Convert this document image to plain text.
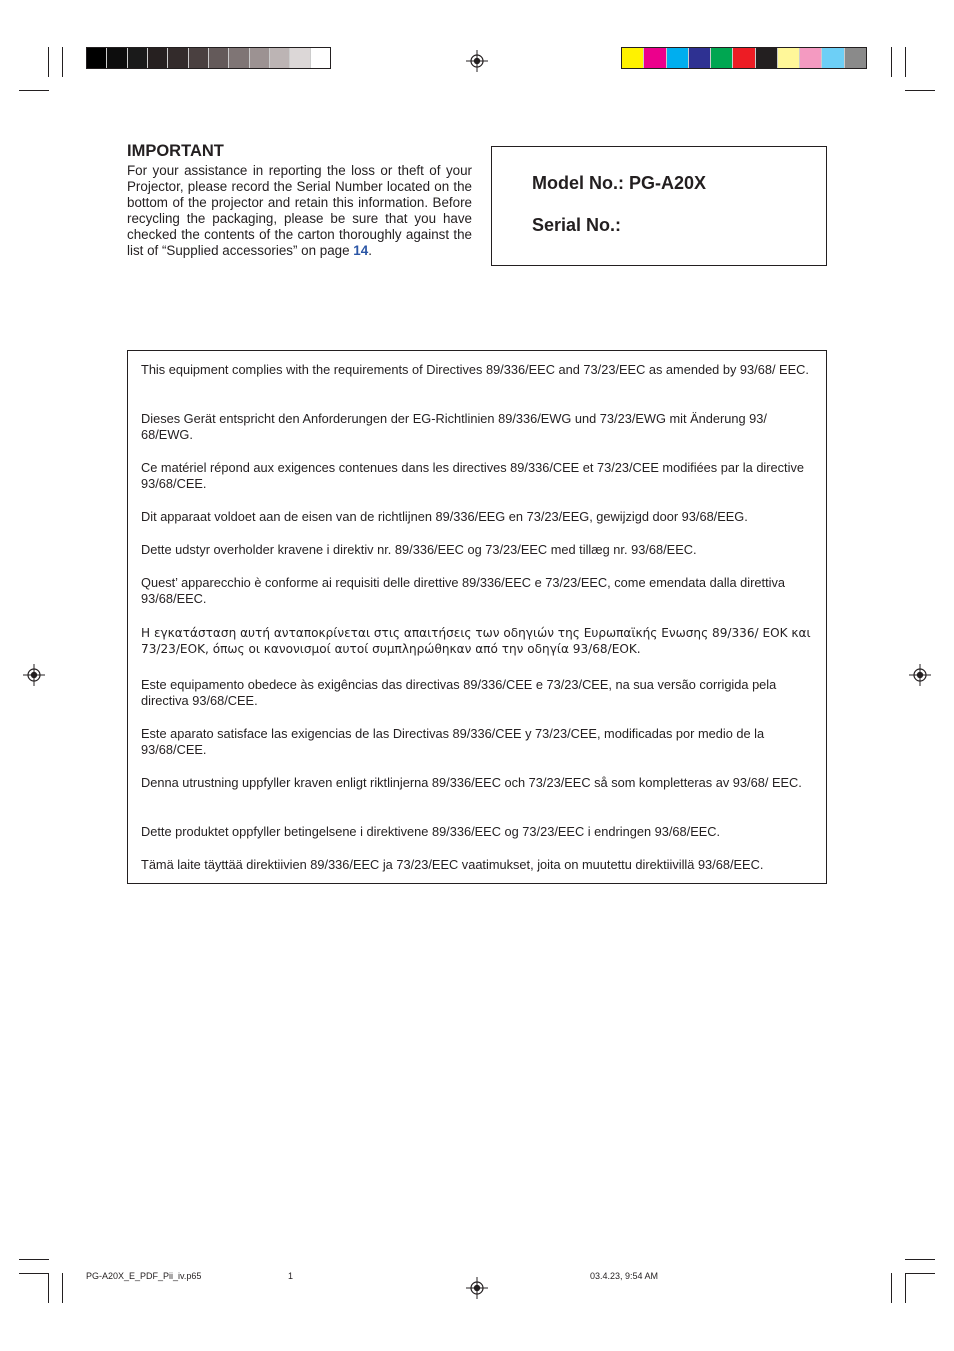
IMPORTANT
For your assistance in reporting the loss or theft of your Projector, please record the Serial Number located on the bottom of the projector and retain this information. Before recycling the packaging, please be sure that you have checked the contents of the carton thoroughly against the list of “Supplied accessories” on page 14.
Model No.: PG-A20X
Serial No.:

This equipment complies with the requirements of Directives 89/336/EEC and 73/23/EEC as amended by 93/68/ EEC.

Dieses Gerät entspricht den Anforderungen der EG-Richtlinien 89/336/EWG und 73/23/EWG mit Änderung 93/ 68/EWG.

Ce matériel répond aux exigences contenues dans les directives 89/336/CEE et 73/23/CEE modifiées par la directive 93/68/CEE.

Dit apparaat voldoet aan de eisen van de richtlijnen 89/336/EEG en 73/23/EEG, gewijzigd door 93/68/EEG.

Dette udstyr overholder kravene i direktiv nr. 89/336/EEC og 73/23/EEC med tillæg nr. 93/68/EEC.

Quest’ apparecchio è conforme ai requisiti delle direttive 89/336/EEC e 73/23/EEC, come emendata dalla direttiva 93/68/EEC.

Η εγκατάσταση αυτή ανταποκρίνεται στις απαιτήσεις των οδηγιών της Ευρωπαϊκής Ενωσης 89/336/ ΕΟΚ και 73/23/ΕΟΚ, όπως οι κανονισμοί αυτοί συμπληρώθηκαν από την οδηγία 93/68/ΕΟΚ.

Este equipamento obedece às exigências das directivas 89/336/CEE e 73/23/CEE, na sua versão corrigida pela directiva 93/68/CEE.

Este aparato satisface las exigencias de las Directivas 89/336/CEE y 73/23/CEE, modificadas por medio de la 93/68/CEE.

Denna utrustning uppfyller kraven enligt riktlinjerna 89/336/EEC och 73/23/EEC så som kompletteras av 93/68/ EEC.

Dette produktet oppfyller betingelsene i direktivene 89/336/EEC og 73/23/EEC i endringen 93/68/EEC.

Tämä laite täyttää direktiivien 89/336/EEC ja 73/23/EEC vaatimukset, joita on muutettu direktiivillä 93/68/EEC.

PG-A20X_E_PDF_Pii_iv.p65	1	03.4.23, 9:54 AM
